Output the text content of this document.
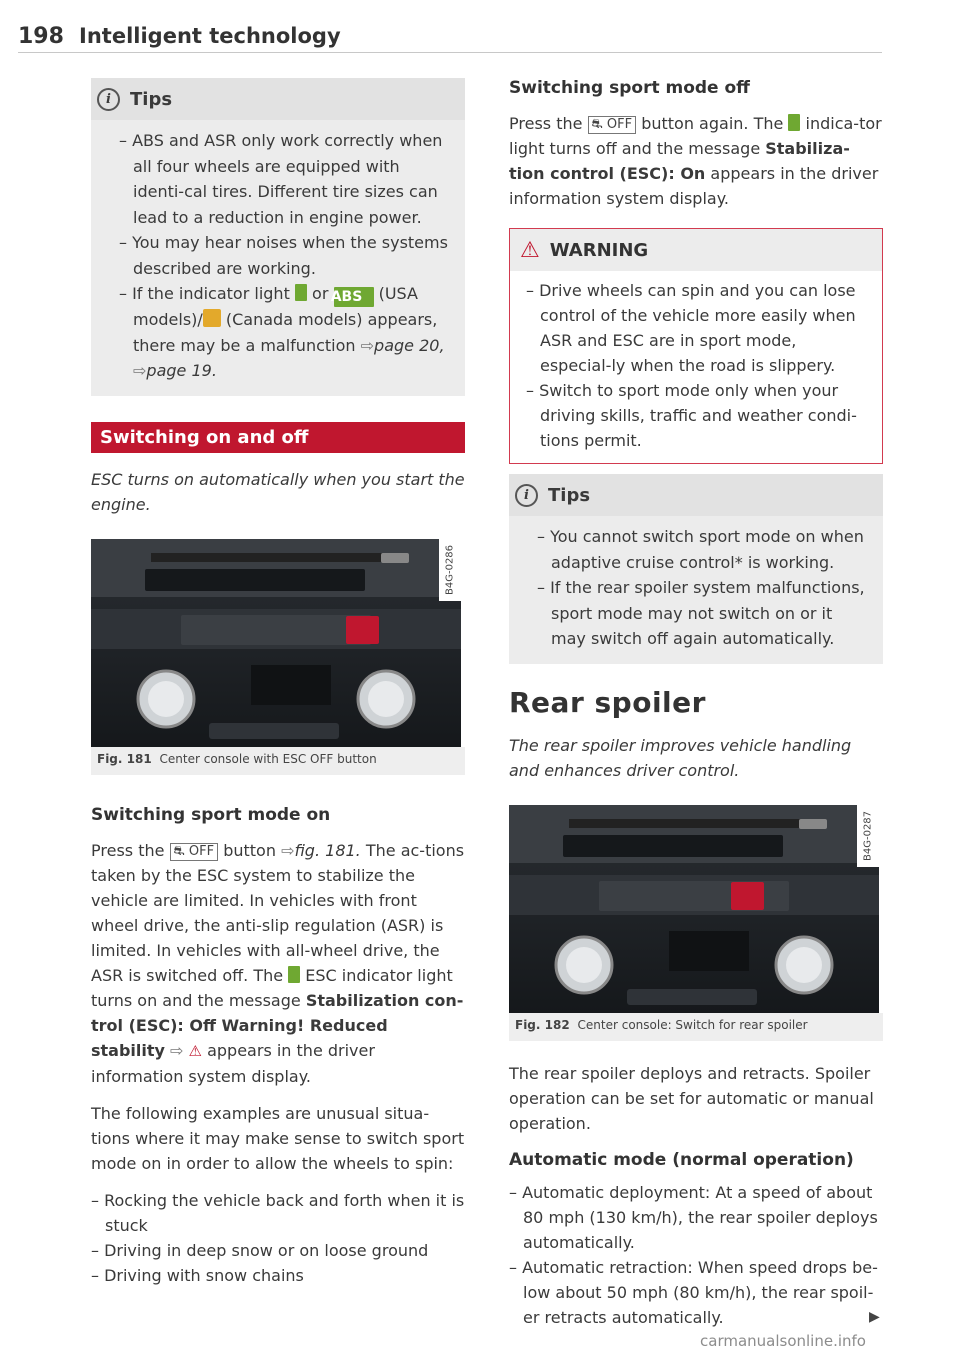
198 Intelligent technology
i	Tips

– ABS and ASR only work correctly when all four wheels are equipped with identi-cal tires. Different tire sizes can lead to a reduction in engine power.

– You may hear noises when the systems described are working.

– If the indicator light or ABS (USA models)/ (Canada models) appears, there may be a malfunction ⇨page 20, ⇨page 19.

Switching on and off

ESC turns on automatically when you start the engine.

B4G-0286
Fig. 181 Center console with ESC OFF button
Switching sport mode on

Press the ⛐ OFF button ⇨fig. 181. The ac-tions taken by the ESC system to stabilize the vehicle are limited. In vehicles with front wheel drive, the anti-slip regulation (ASR) is limited. In vehicles with all-wheel drive, the ASR is switched off. The ESC indicator light turns on and the message Stabilization con-trol (ESC): Off Warning! Reduced stability ⇨ ⚠ appears in the driver information system display.

The following examples are unusual situa-tions where it may make sense to switch sport mode on in order to allow the wheels to spin:

– Rocking the vehicle back and forth when it is stuck

– Driving in deep snow or on loose ground

– Driving with snow chains

Switching sport mode off

Press the ⛐ OFF button again. The indica-tor light turns off and the message Stabiliza-tion control (ESC): On appears in the driver information system display.

⚠ WARNING

– Drive wheels can spin and you can lose control of the vehicle more easily when ASR and ESC are in sport mode, especial-ly when the road is slippery.

– Switch to sport mode only when your driving skills, traffic and weather condi-tions permit.

i	Tips

– You cannot switch sport mode on when adaptive cruise control* is working.

– If the rear spoiler system malfunctions, sport mode may not switch on or it may switch off again automatically.

Rear spoiler

The rear spoiler improves vehicle handling and enhances driver control.

B4G-0287
Fig. 182 Center console: Switch for rear spoiler

The rear spoiler deploys and retracts. Spoiler operation can be set for automatic or manual operation.

Automatic mode (normal operation)

– Automatic deployment: At a speed of about 80 mph (130 km/h), the rear spoiler deploys automatically.

– Automatic retraction: When speed drops be-low about 50 mph (80 km/h), the rear spoil-er retracts automatically.	▶

carmanualsonline.info
